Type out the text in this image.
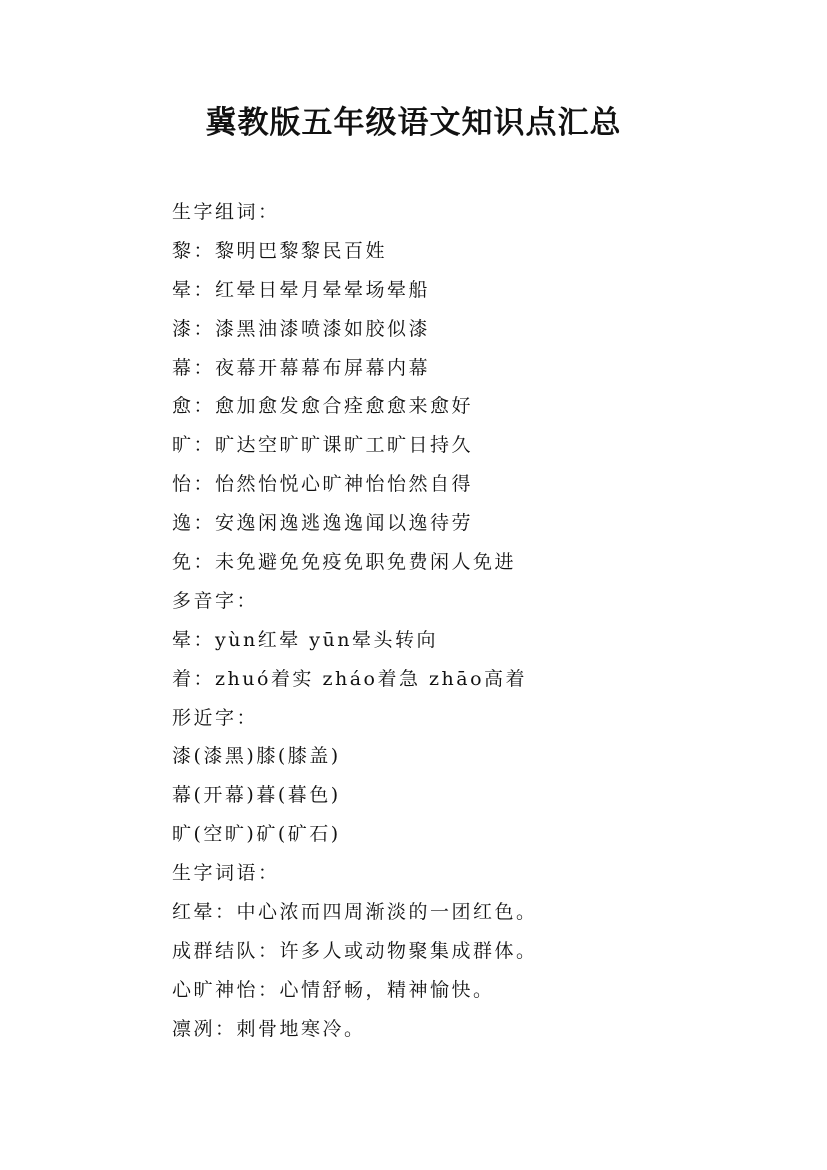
冀教版五年级语文知识点汇总
生字组词：
黎：黎明巴黎黎民百姓
晕：红晕日晕月晕晕场晕船
漆：漆黑油漆喷漆如胶似漆
幕：夜幕开幕幕布屏幕内幕
愈：愈加愈发愈合痊愈愈来愈好
旷：旷达空旷旷课旷工旷日持久
怡：怡然怡悦心旷神怡怡然自得
逸：安逸闲逸逃逸逸闻以逸待劳
免：未免避免免疫免职免费闲人免进
多音字：
晕：yùn红晕 yūn晕头转向
着：zhuó着实 zháo着急 zhāo高着
形近字：
漆(漆黑)膝(膝盖)
幕(开幕)暮(暮色)
旷(空旷)矿(矿石)
生字词语：
红晕：中心浓而四周渐淡的一团红色。
成群结队：许多人或动物聚集成群体。
心旷神怡：心情舒畅，精神愉快。
凛冽：刺骨地寒冷。
